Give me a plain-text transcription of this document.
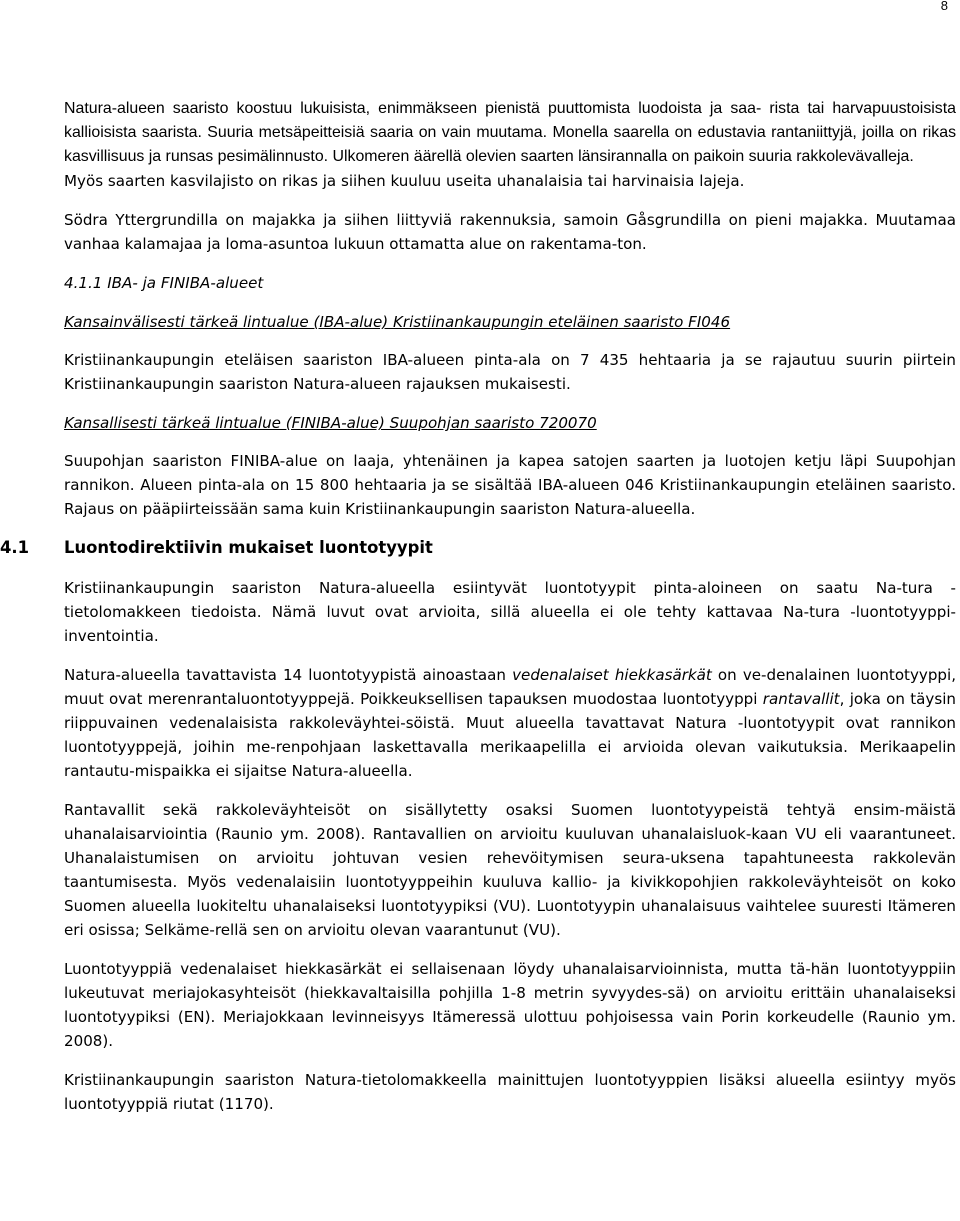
8
Natura-alueen saaristo koostuu lukuisista, enimmäkseen pienistä puuttomista luodoista ja saa- rista tai harvapuustoisista kallioisista saarista. Suuria metsäpeitteisiä saaria on vain muutama. Monella saarella on edustavia rantaniittyjä, joilla on rikas kasvillisuus ja runsas pesimälinnusto. Ulkomeren äärellä olevien saarten länsirannalla on paikoin suuria rakkolevävalleja.
Myös saarten kasvilajisto on rikas ja siihen kuuluu useita uhanalaisia tai harvinaisia lajeja.
Södra Yttergrundilla on majakka ja siihen liittyviä rakennuksia, samoin Gåsgrundilla on pieni majakka. Muutamaa vanhaa kalamajaa ja loma-asuntoa lukuun ottamatta alue on rakentama-ton.
4.1.1 IBA- ja FINIBA-alueet
Kansainvälisesti tärkeä lintualue (IBA-alue) Kristiinankaupungin eteläinen saaristo FI046
Kristiinankaupungin eteläisen saariston IBA-alueen pinta-ala on 7 435 hehtaaria ja se rajautuu suurin piirtein Kristiinankaupungin saariston Natura-alueen rajauksen mukaisesti.
Kansallisesti tärkeä lintualue (FINIBA-alue) Suupohjan saaristo 720070
Suupohjan saariston FINIBA-alue on laaja, yhtenäinen ja kapea satojen saarten ja luotojen ketju läpi Suupohjan rannikon. Alueen pinta-ala on 15 800 hehtaaria ja se sisältää IBA-alueen 046 Kristiinankaupungin eteläinen saaristo. Rajaus on pääpiirteissään sama kuin Kristiinankaupungin saariston Natura-alueella.
4.1 Luontodirektiivin mukaiset luontotyypit
Kristiinankaupungin saariston Natura-alueella esiintyvät luontotyypit pinta-aloineen on saatu Na-tura -tietolomakkeen tiedoista. Nämä luvut ovat arvioita, sillä alueella ei ole tehty kattavaa Na-tura -luontotyyppi-inventointia.
Natura-alueella tavattavista 14 luontotyypistä ainoastaan vedenalaiset hiekkasärkät on ve-denalainen luontotyyppi, muut ovat merenrantaluontotyyppejä. Poikkeuksellisen tapauksen muodostaa luontotyyppi rantavallit, joka on täysin riippuvainen vedenalaisista rakkoleväyhtei-söistä. Muut alueella tavattavat Natura -luontotyypit ovat rannikon luontotyyppejä, joihin me-renpohjaan laskettavalla merikaapelilla ei arvioida olevan vaikutuksia. Merikaapelin rantautu-mispaikka ei sijaitse Natura-alueella.
Rantavallit sekä rakkoleväyhteisöt on sisällytetty osaksi Suomen luontotyypeistä tehtyä ensim-mäistä uhanalaisarviointia (Raunio ym. 2008). Rantavallien on arvioitu kuuluvan uhanalaisluok-kaan VU eli vaarantuneet. Uhanalaistumisen on arvioitu johtuvan vesien rehevöitymisen seura-uksena tapahtuneesta rakkolevän taantumisesta. Myös vedenalaisiin luontotyyppeihin kuuluva kallio- ja kivikkopohjien rakkoleväyhteisöt on koko Suomen alueella luokiteltu uhanalaiseksi luontotyypiksi (VU). Luontotyypin uhanalaisuus vaihtelee suuresti Itämeren eri osissa; Selkäme-rellä sen on arvioitu olevan vaarantunut (VU).
Luontotyyppiä vedenalaiset hiekkasärkät ei sellaisenaan löydy uhanalaisarvioinnista, mutta tä-hän luontotyyppiin lukeutuvat meriajokasyhteisöt (hiekkavaltaisilla pohjilla 1-8 metrin syvyydes-sä) on arvioitu erittäin uhanalaiseksi luontotyypiksi (EN). Meriajokkaan levinneisyys Itämeressä ulottuu pohjoisessa vain Porin korkeudelle (Raunio ym. 2008).
Kristiinankaupungin saariston Natura-tietolomakkeella mainittujen luontotyyppien lisäksi alueella esiintyy myös luontotyyppiä riutat (1170).
